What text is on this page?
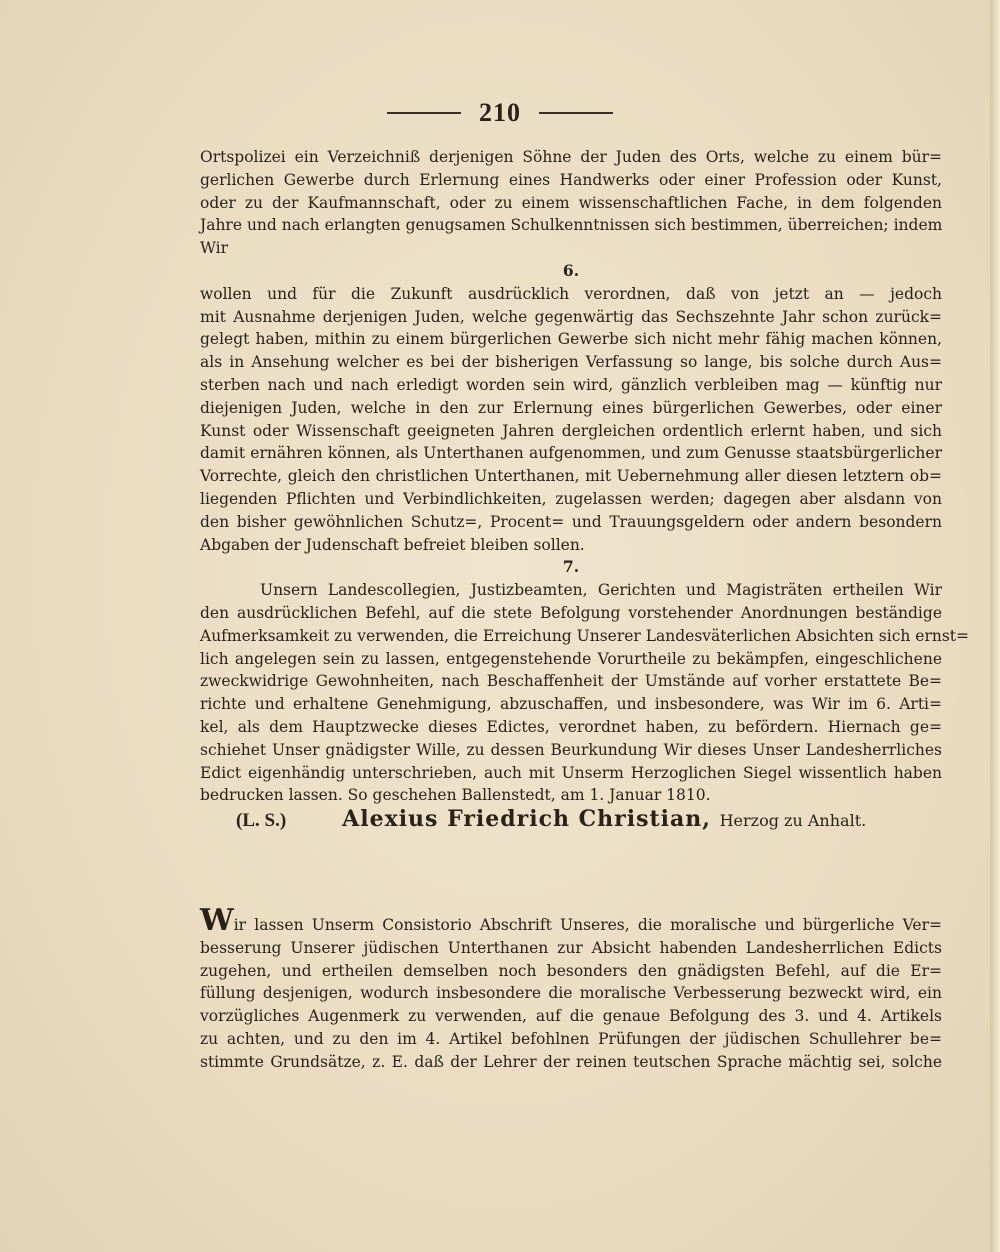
210
Ortspolizei ein Verzeichniß derjenigen Söhne der Juden des Orts, welche zu einem bür=
gerlichen Gewerbe durch Erlernung eines Handwerks oder einer Profession oder Kunst,
oder zu der Kaufmannschaft, oder zu einem wissenschaftlichen Fache, in dem folgenden
Jahre und nach erlangten genugsamen Schulkenntnissen sich bestimmen, überreichen; indem
Wir
6.
wollen und für die Zukunft ausdrücklich verordnen, daß von jetzt an — jedoch
mit Ausnahme derjenigen Juden, welche gegenwärtig das Sechszehnte Jahr schon zurück=
gelegt haben, mithin zu einem bürgerlichen Gewerbe sich nicht mehr fähig machen können,
als in Ansehung welcher es bei der bisherigen Verfassung so lange, bis solche durch Aus=
sterben nach und nach erledigt worden sein wird, gänzlich verbleiben mag — künftig nur
diejenigen Juden, welche in den zur Erlernung eines bürgerlichen Gewerbes, oder einer
Kunst oder Wissenschaft geeigneten Jahren dergleichen ordentlich erlernt haben, und sich
damit ernähren können, als Unterthanen aufgenommen, und zum Genusse staatsbürgerlicher
Vorrechte, gleich den christlichen Unterthanen, mit Uebernehmung aller diesen letztern ob=
liegenden Pflichten und Verbindlichkeiten, zugelassen werden; dagegen aber alsdann von
den bisher gewöhnlichen Schutz=, Procent= und Trauungsgeldern oder andern besondern
Abgaben der Judenschaft befreiet bleiben sollen.
7.
Unsern Landescollegien, Justizbeamten, Gerichten und Magisträten ertheilen Wir
den ausdrücklichen Befehl, auf die stete Befolgung vorstehender Anordnungen beständige
Aufmerksamkeit zu verwenden, die Erreichung Unserer Landesväterlichen Absichten sich ernst=
lich angelegen sein zu lassen, entgegenstehende Vorurtheile zu bekämpfen, eingeschlichene
zweckwidrige Gewohnheiten, nach Beschaffenheit der Umstände auf vorher erstattete Be=
richte und erhaltene Genehmigung, abzuschaffen, und insbesondere, was Wir im 6. Arti=
kel, als dem Hauptzwecke dieses Edictes, verordnet haben, zu befördern. Hiernach ge=
schiehet Unser gnädigster Wille, zu dessen Beurkundung Wir dieses Unser Landesherrliches
Edict eigenhändig unterschrieben, auch mit Unserm Herzoglichen Siegel wissentlich haben
bedrucken lassen. So geschehen Ballenstedt, am 1. Januar 1810.
(L. S.)	Alexius Friedrich Christian, Herzog zu Anhalt.
Wir lassen Unserm Consistorio Abschrift Unseres, die moralische und bürgerliche Ver=
besserung Unserer jüdischen Unterthanen zur Absicht habenden Landesherrlichen Edicts
zugehen, und ertheilen demselben noch besonders den gnädigsten Befehl, auf die Er=
füllung desjenigen, wodurch insbesondere die moralische Verbesserung bezweckt wird, ein
vorzügliches Augenmerk zu verwenden, auf die genaue Befolgung des 3. und 4. Artikels
zu achten, und zu den im 4. Artikel befohlnen Prüfungen der jüdischen Schullehrer be=
stimmte Grundsätze, z. E. daß der Lehrer der reinen teutschen Sprache mächtig sei, solche
